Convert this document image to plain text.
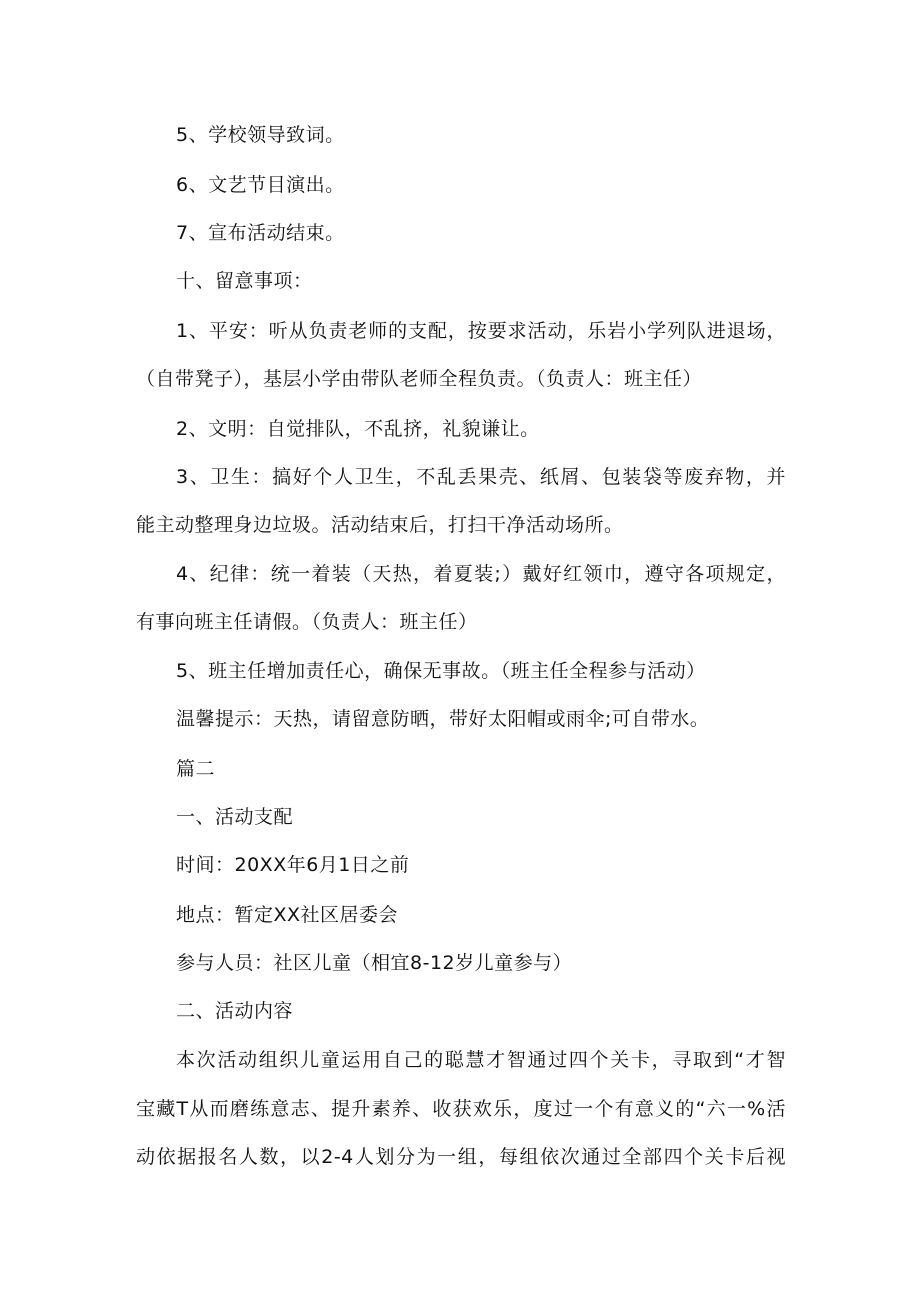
5、学校领导致词。
6、文艺节目演出。
7、宣布活动结束。
十、留意事项：
1、平安：听从负责老师的支配，按要求活动，乐岩小学列队进退场，
（自带凳子），基层小学由带队老师全程负责。（负责人：班主任）
2、文明：自觉排队，不乱挤，礼貌谦让。
3、卫生：搞好个人卫生，不乱丢果壳、纸屑、包装袋等废弃物，并
能主动整理身边垃圾。活动结束后，打扫干净活动场所。
4、纪律：统一着装（天热，着夏装;）戴好红领巾，遵守各项规定，
有事向班主任请假。（负责人：班主任）
5、班主任增加责任心，确保无事故。（班主任全程参与活动）
温馨提示：天热，请留意防晒，带好太阳帽或雨伞;可自带水。
篇二
一、活动支配
时间：20XX年6月1日之前
地点：暂定XX社区居委会
参与人员：社区儿童（相宜8-12岁儿童参与）
二、活动内容
本次活动组织儿童运用自己的聪慧才智通过四个关卡，寻取到“才智
宝藏T从而磨练意志、提升素养、收获欢乐，度过一个有意义的“六一%活
动依据报名人数，以2-4人划分为一组，每组依次通过全部四个关卡后视
